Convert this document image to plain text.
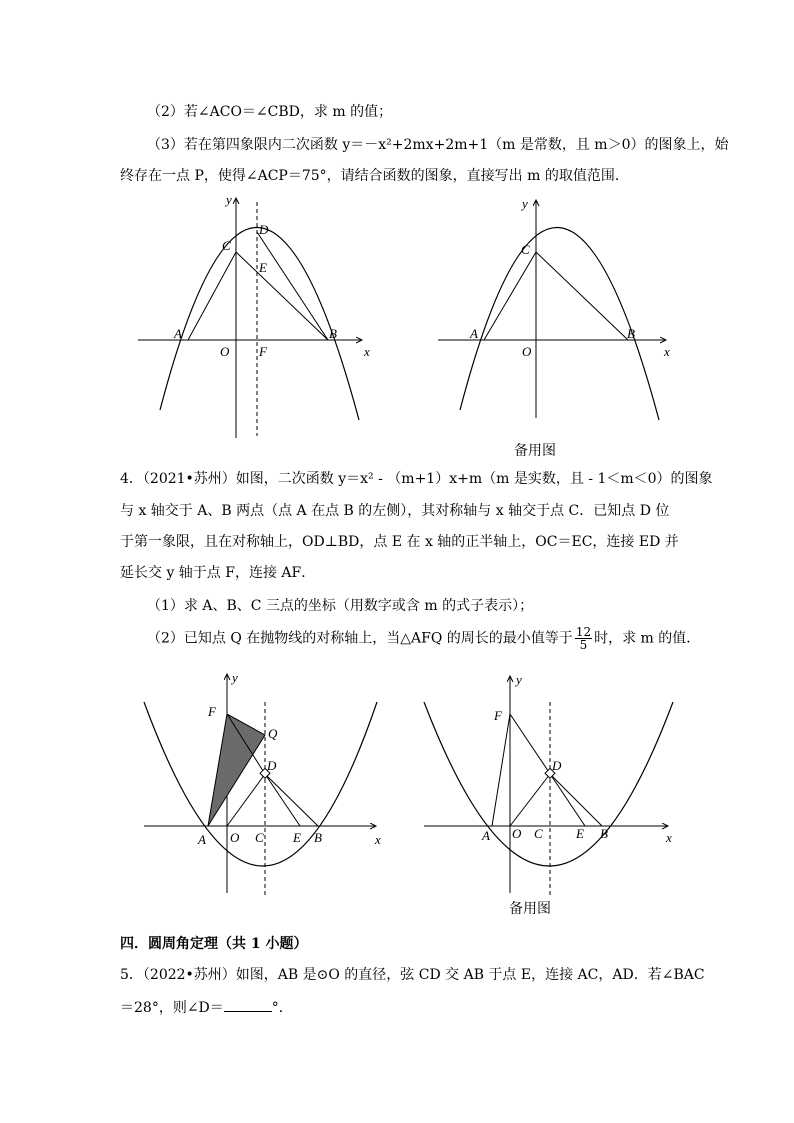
（2）若∠ACO＝∠CBD，求 m 的值；
（3）若在第四象限内二次函数 y＝－x²+2mx+2m+1（m 是常数，且 m＞0）的图象上，始
终存在一点 P，使得∠ACP＝75°，请结合函数的图象，直接写出 m 的取值范围．
y
x
A	B
C
D
E
F
O
y
x
A	B
C
O
备用图
4．（2021•苏州）如图，二次函数 y＝x² - （m+1）x+m（m 是实数，且 - 1＜m＜0）的图象
与 x 轴交于 A、B 两点（点 A 在点 B 的左侧），其对称轴与 x 轴交于点 C．已知点 D 位
于第一象限，且在对称轴上，OD⊥BD，点 E 在 x 轴的正半轴上，OC＝EC，连接 ED 并
延长交 y 轴于点 F，连接 AF．
（1）求 A、B、C 三点的坐标（用数字或含 m 的式子表示）；
（2）已知点 Q 在抛物线的对称轴上，当△AFQ 的周长的最小值等于 $\frac{12}{5}$ 时，求 m 的值．
y
x
A O C E B
D
F
Q
y
x
A O C	E B
D
F
备用图
四．圆周角定理（共 1 小题）
5．（2022•苏州）如图，AB 是⊙O 的直径，弦 CD 交 AB 于点 E，连接 AC，AD．若∠BAC
＝28°，则∠D＝	°．
